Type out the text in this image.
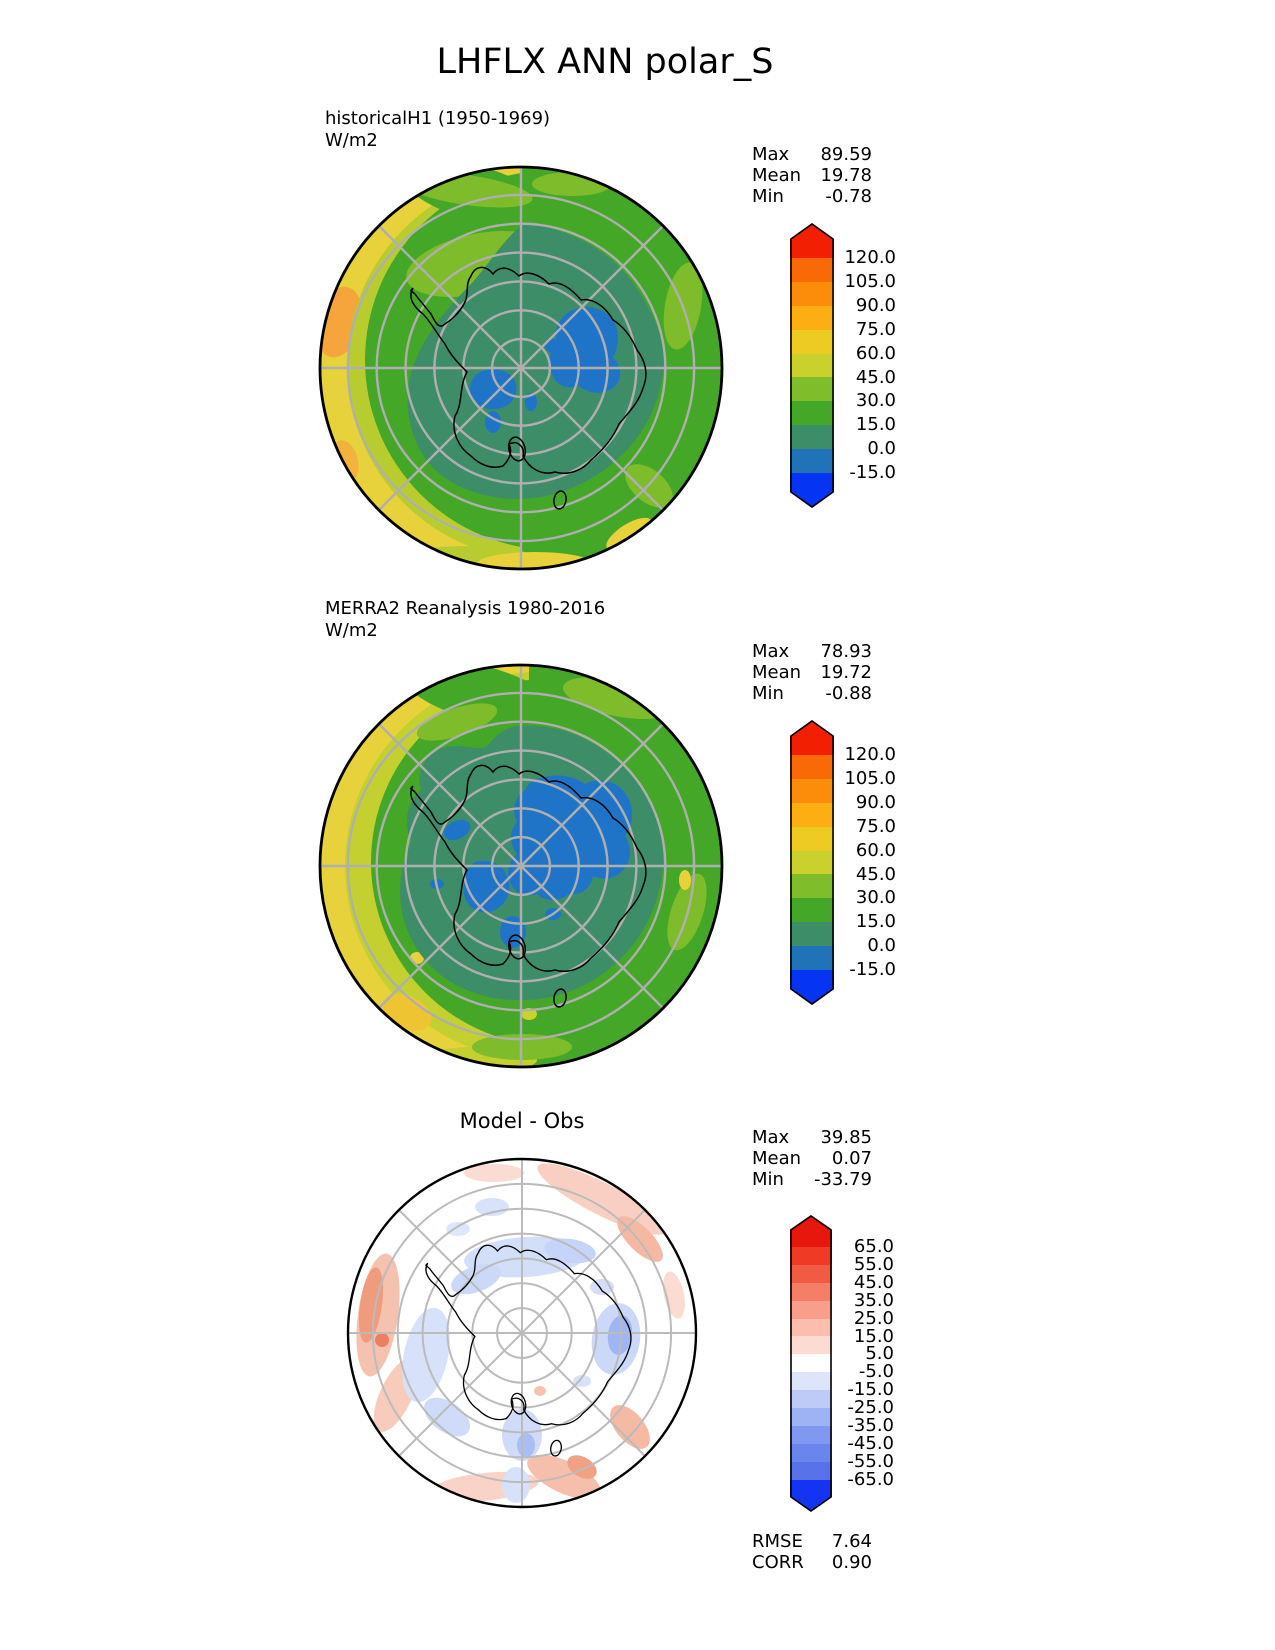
LHFLX ANN polar_S
historicalH1 (1950-1969)
W/m2
Max 89.59
Mean 19.78
Min -0.78
120.0
105.0
90.0
75.0
60.0
45.0
30.0
15.0
0.0
-15.0
MERRA2 Reanalysis 1980-2016
W/m2
Max 78.93
Mean 19.72
Min -0.88
120.0
105.0
90.0
75.0
60.0
45.0
30.0
15.0
0.0
-15.0
Model - Obs
Max 39.85
Mean 0.07
Min -33.79
65.0
55.0
45.0
35.0
25.0
15.0
5.0
-5.0
-15.0
-25.0
-35.0
-45.0
-55.0
-65.0
RMSE 7.64
CORR 0.90
